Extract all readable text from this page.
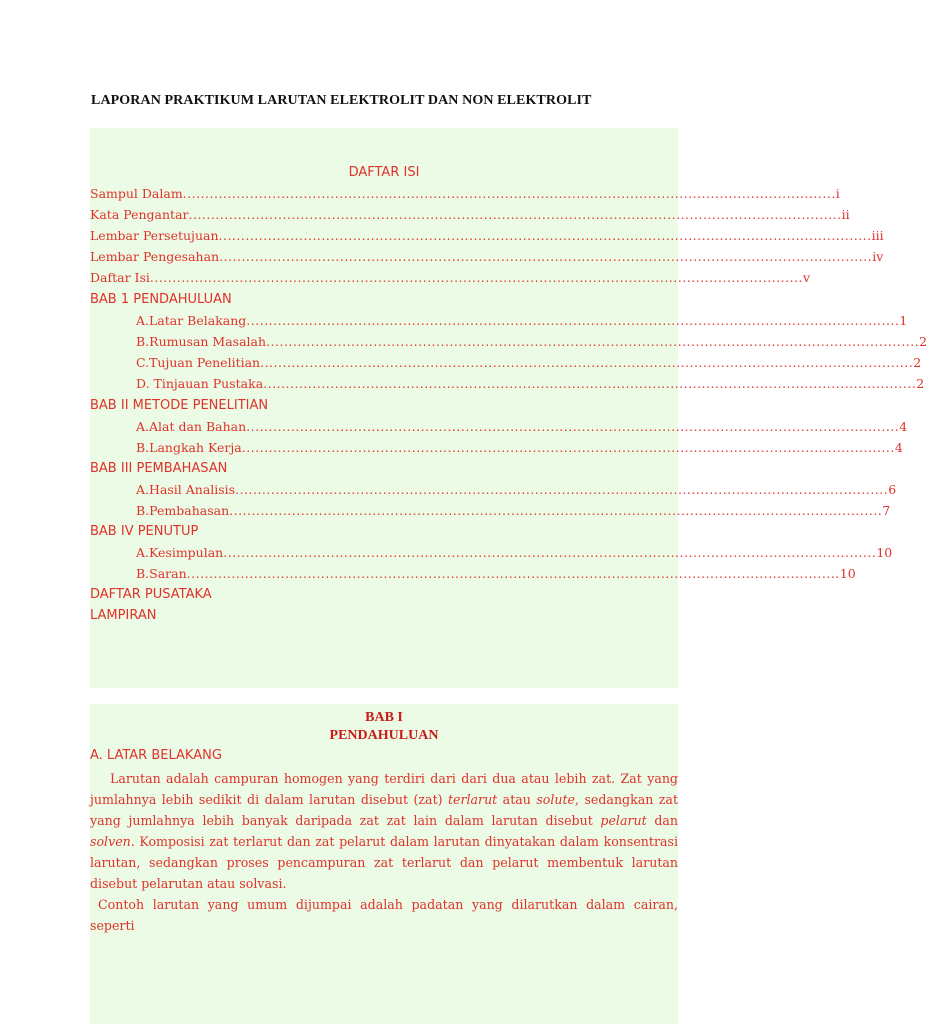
LAPORAN PRAKTIKUM LARUTAN ELEKTROLIT DAN NON ELEKTROLIT
DAFTAR ISI
Sampul Dalam .................................................................................................................................................. i
Kata Pengantar .................................................................................................................................................. ii
Lembar Persetujuan .................................................................................................................................................. iii
Lembar Pengesahan .................................................................................................................................................. iv
Daftar Isi .................................................................................................................................................. v
BAB 1 PENDAHULUAN
A.Latar Belakang .................................................................................................................................................. 1
B.Rumusan Masalah .................................................................................................................................................. 2
C.Tujuan Penelitian .................................................................................................................................................. 2
D. Tinjauan Pustaka .................................................................................................................................................. 2
BAB II METODE PENELITIAN
A.Alat dan Bahan .................................................................................................................................................. 4
B.Langkah Kerja .................................................................................................................................................. 4
BAB III PEMBAHASAN
A.Hasil Analisis .................................................................................................................................................. 6
B.Pembahasan .................................................................................................................................................. 7
BAB IV PENUTUP
A.Kesimpulan .................................................................................................................................................. 10
B.Saran .................................................................................................................................................. 10
DAFTAR PUSATAKA
LAMPIRAN
BAB I
PENDAHULUAN
A. LATAR BELAKANG

Larutan adalah campuran homogen yang terdiri dari dari dua atau lebih zat. Zat yang jumlahnya lebih sedikit di dalam larutan disebut (zat) terlarut atau solute, sedangkan zat yang jumlahnya lebih banyak daripada zat zat lain dalam larutan disebut pelarut dan solven. Komposisi zat terlarut dan zat pelarut dalam larutan dinyatakan dalam konsentrasi larutan, sedangkan proses pencampuran zat terlarut dan pelarut membentuk larutan disebut pelarutan atau solvasi.

Contoh larutan yang umum dijumpai adalah padatan yang dilarutkan dalam cairan, seperti
